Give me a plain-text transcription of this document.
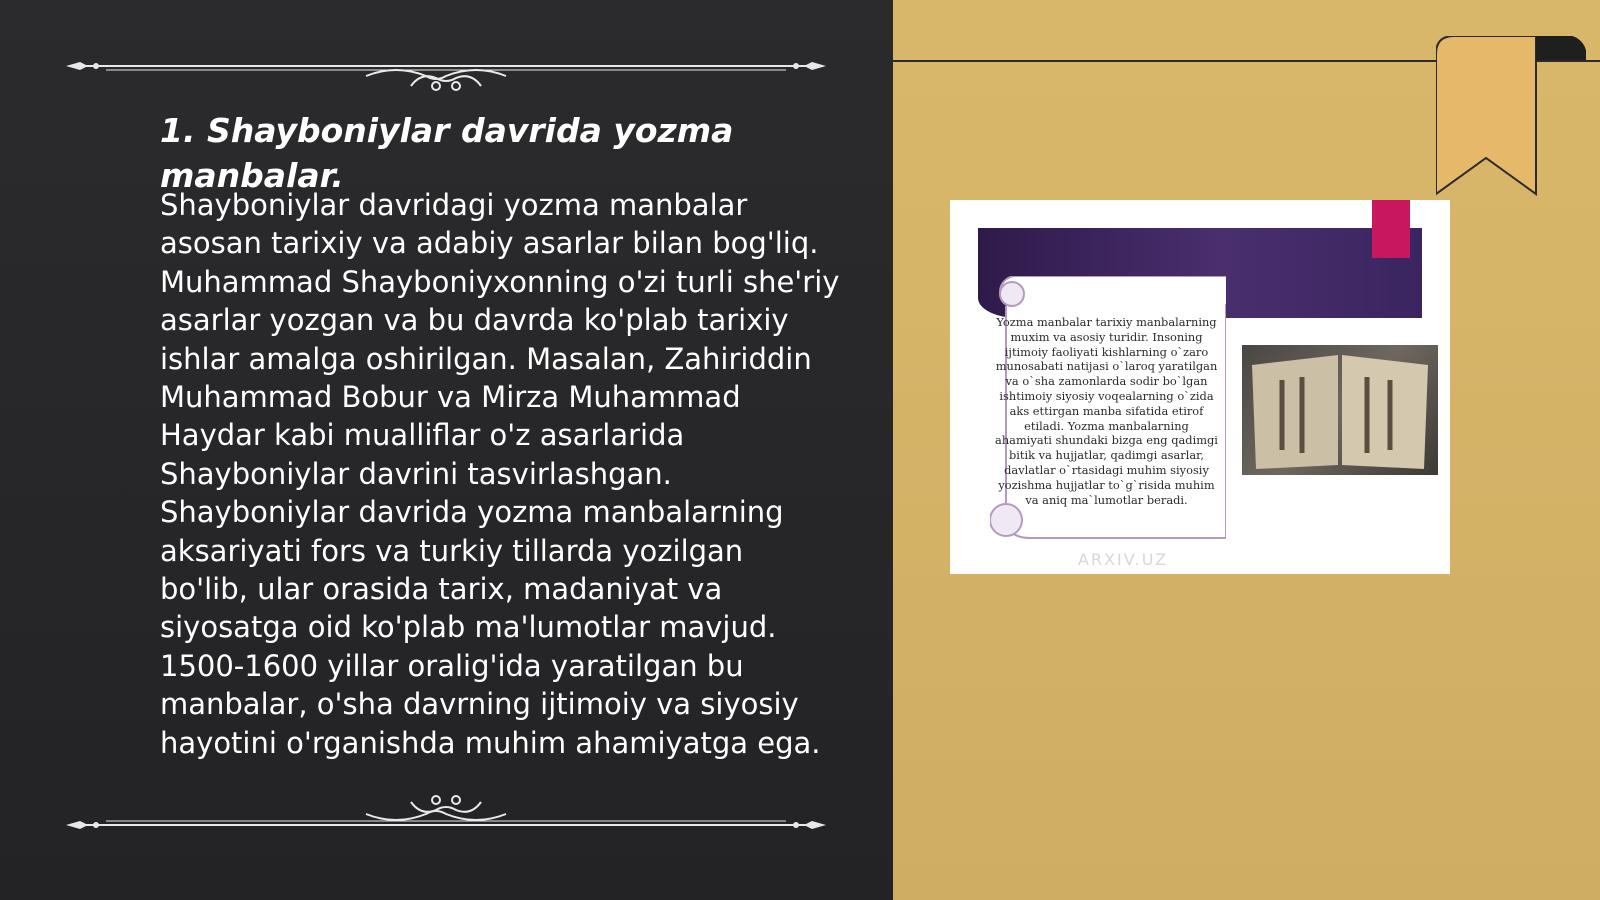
1. Shayboniylar davrida yozma manbalar.

Shayboniylar davridagi yozma manbalar asosan tarixiy va adabiy asarlar bilan bog'liq. Muhammad Shayboniyxonning o'zi turli she'riy asarlar yozgan va bu davrda ko'plab tarixiy ishlar amalga oshirilgan. Masalan, Zahiriddin Muhammad Bobur va Mirza Muhammad Haydar kabi mualliflar o'z asarlarida Shayboniylar davrini tasvirlashgan. Shayboniylar davrida yozma manbalarning aksariyati fors va turkiy tillarda yozilgan bo'lib, ular orasida tarix, madaniyat va siyosatga oid ko'plab ma'lumotlar mavjud. 1500-1600 yillar oralig'ida yaratilgan bu manbalar, o'sha davrning ijtimoiy va siyosiy hayotini o'rganishda muhim ahamiyatga ega.

Yozma manbalar tarixiy manbalarning muxim va asosiy turidir. Insoning ijtimoiy faoliyati kishlarning o`zaro munosabati natijasi o`laroq yaratilgan va o`sha zamonlarda sodir bo`lgan ishtimoiy siyosiy voqealarning o`zida aks ettirgan manba sifatida etirof etiladi. Yozma manbalarning ahamiyati shundaki bizga eng qadimgi bitik va hujjatlar, qadimgi asarlar, davlatlar o`rtasidagi muhim siyosiy yozishma hujjatlar to`g`risida muhim va aniq ma`lumotlar beradi.

ARXIV.UZ
